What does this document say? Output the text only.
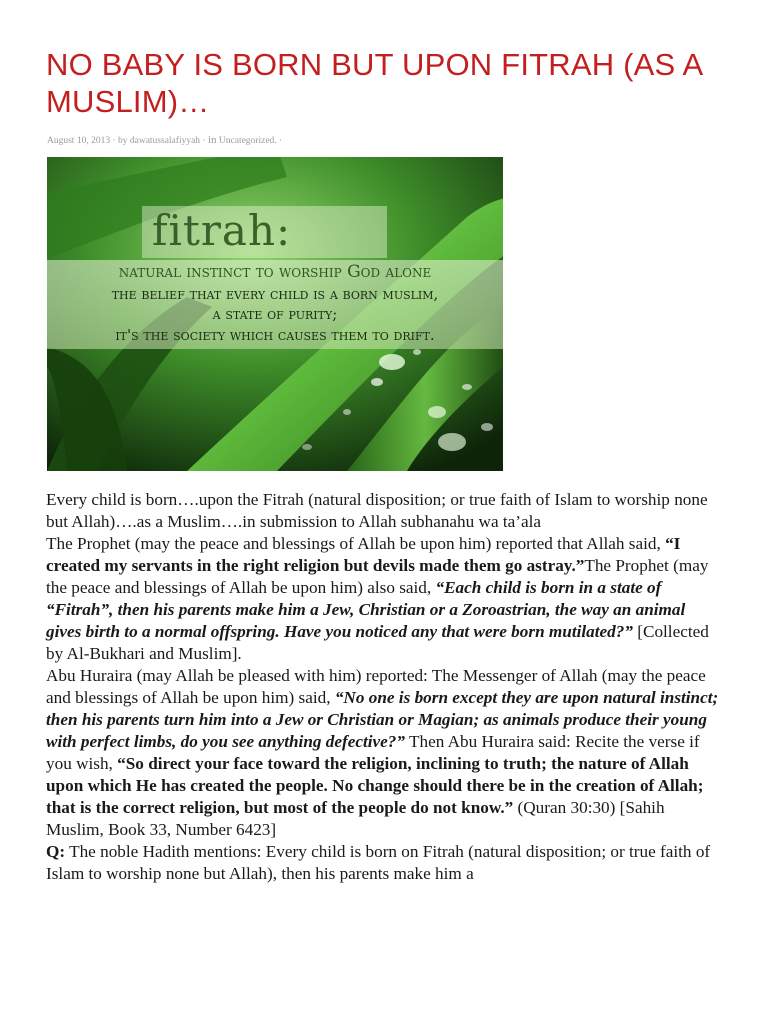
NO BABY IS BORN BUT UPON FITRAH (AS A MUSLIM)…
August 10, 2013 · by dawatussalafiyyah · in Uncategorized. ·
fitrah:
natural instinct to worship God alone
the belief that every child is a born muslim,
a state of purity;
it's the society which causes them to drift.

Every child is born….upon the Fitrah (natural disposition; or true faith of Islam to worship none but Allah)….as a Muslim….in submission to Allah subhanahu wa ta’ala

The Prophet (may the peace and blessings of Allah be upon him) reported that Allah said, “I created my servants in the right religion but devils made them go astray.”The Prophet (may the peace and blessings of Allah be upon him) also said, “Each child is born in a state of “Fitrah”, then his parents make him a Jew, Christian or a Zoroastrian, the way an animal gives birth to a normal offspring. Have you noticed any that were born mutilated?” [Collected by Al-Bukhari and Muslim].

Abu Huraira (may Allah be pleased with him) reported: The Messenger of Allah (may the peace and blessings of Allah be upon him) said, “No one is born except they are upon natural instinct; then his parents turn him into a Jew or Christian or Magian; as animals produce their young with perfect limbs, do you see anything defective?” Then Abu Huraira said: Recite the verse if you wish, “So direct your face toward the religion, inclining to truth; the nature of Allah upon which He has created the people. No change should there be in the creation of Allah; that is the correct religion, but most of the people do not know.” (Quran 30:30) [Sahih Muslim, Book 33, Number 6423]

Q: The noble Hadith mentions: Every child is born on Fitrah (natural disposition; or true faith of Islam to worship none but Allah), then his parents make him a
